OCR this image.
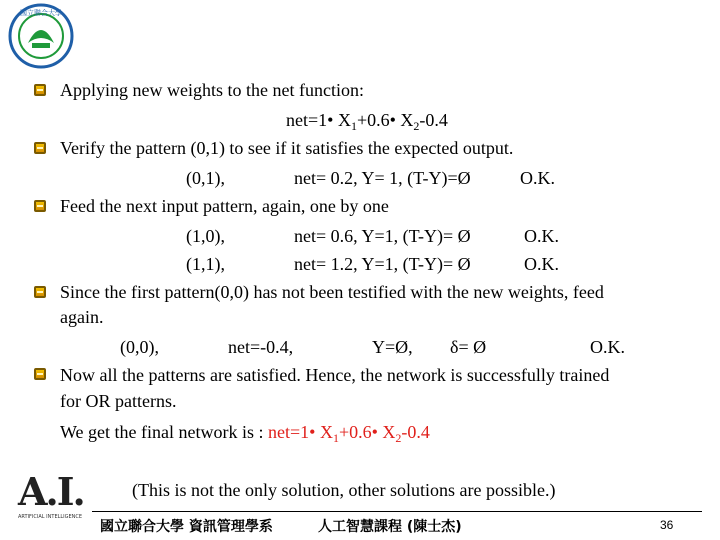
國立聯合大學
Applying new weights to the net function:
net=1• $X_1+0.6•$ $X_2-0.4$
Verify the pattern (0,1) to see if it satisfies the expected output.
(0,1),	net= 0.2, Y= 1, (T-Y)=Ø	O.K.
Feed the next input pattern, again, one by one
(1,0),	net= 0.6, Y=1, (T-Y)= Ø	O.K.
(1,1),	net= 1.2, Y=1, (T-Y)= Ø	O.K.
Since the first pattern(0,0) has not been testified with the new weights, feed
again.
(0,0),	net=-0.4,	Y=Ø, δ= Ø	O.K.
Now all the patterns are satisfied. Hence, the network is successfully trained
for OR patterns.
We get the final network is : net=1• $X_1+0.6•$ $X_2-0.4$
(This is not the only solution, other solutions are possible.)
A.I.
ARTIFICIAL INTELLIGENCE
國立聯合大學 資訊管理學系	人工智慧課程 (陳士杰)	36
